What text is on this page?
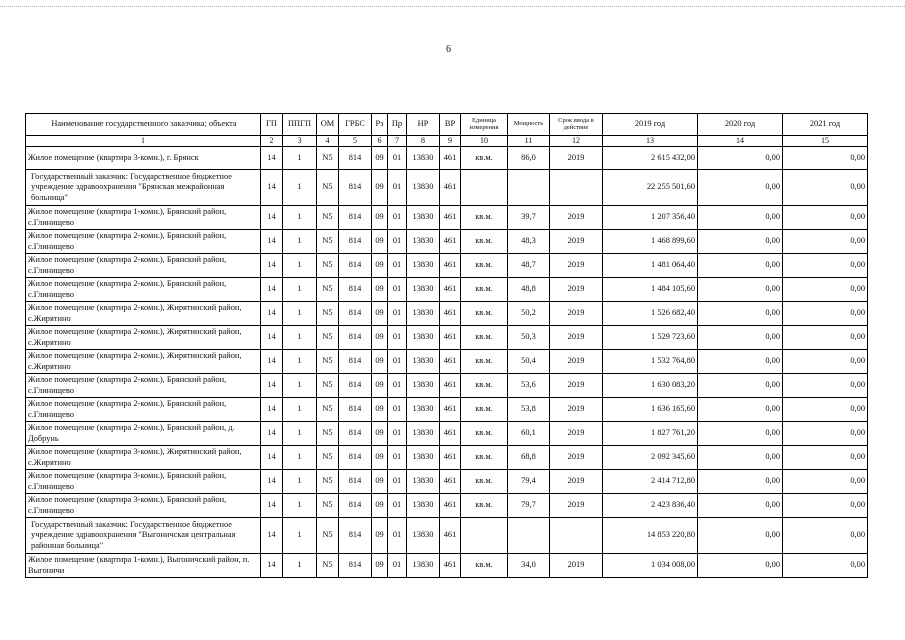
6
Наименование государственного заказчика; объекта	ГП	ППГП	ОМ	ГРБС	Рз	Пр	НР	ВР	Единица измерения	Мощность	Срок ввода в действие	2019 год	2020 год	2021 год
1	2	3	4	5	6	7	8	9	10	11	12	13	14	15
Жилое помещение (квартира 3-комн.), г. Брянск	14	1	N5	814	09	01	13830	461	кв.м.	86,0	2019	2 615 432,00	0,00	0,00
Государственный заказчик: Государственное бюджетное учреждение здравоохранения "Брянская межрайонная больница"	14	1	N5	814	09	01	13830	461				22 255 501,60	0,00	0,00
Жилое помещение (квартира 1-комн.), Брянский район, с.Глинищево	14	1	N5	814	09	01	13830	461	кв.м.	39,7	2019	1 207 356,40	0,00	0,00
Жилое помещение (квартира 2-комн.), Брянский район, с.Глинищево	14	1	N5	814	09	01	13830	461	кв.м.	48,3	2019	1 468 899,60	0,00	0,00
Жилое помещение (квартира 2-комн.), Брянский район, с.Глинищево	14	1	N5	814	09	01	13830	461	кв.м.	48,7	2019	1 481 064,40	0,00	0,00
Жилое помещение (квартира 2-комн.), Брянский район, с.Глинищево	14	1	N5	814	09	01	13830	461	кв.м.	48,8	2019	1 484 105,60	0,00	0,00
Жилое помещение (квартира 2-комн.), Жирятинский район, с.Жирятино	14	1	N5	814	09	01	13830	461	кв.м.	50,2	2019	1 526 682,40	0,00	0,00
Жилое помещение (квартира 2-комн.), Жирятинский район, с.Жирятино	14	1	N5	814	09	01	13830	461	кв.м.	50,3	2019	1 529 723,60	0,00	0,00
Жилое помещение (квартира 2-комн.), Жирятинский район, с.Жирятино	14	1	N5	814	09	01	13830	461	кв.м.	50,4	2019	1 532 764,80	0,00	0,00
Жилое помещение (квартира 2-комн.), Брянский район, с.Глинищево	14	1	N5	814	09	01	13830	461	кв.м.	53,6	2019	1 630 083,20	0,00	0,00
Жилое помещение (квартира 2-комн.), Брянский район, с.Глинищево	14	1	N5	814	09	01	13830	461	кв.м.	53,8	2019	1 636 165,60	0,00	0,00
Жилое помещение (квартира 2-комн.), Брянский район, д. Добрунь	14	1	N5	814	09	01	13830	461	кв.м.	60,1	2019	1 827 761,20	0,00	0,00
Жилое помещение (квартира 3-комн.), Жирятинский район, с.Жирятино	14	1	N5	814	09	01	13830	461	кв.м.	68,8	2019	2 092 345,60	0,00	0,00
Жилое помещение (квартира 3-комн.), Брянский район, с.Глинищево	14	1	N5	814	09	01	13830	461	кв.м.	79,4	2019	2 414 712,80	0,00	0,00
Жилое помещение (квартира 3-комн.), Брянский район, с.Глинищево	14	1	N5	814	09	01	13830	461	кв.м.	79,7	2019	2 423 836,40	0,00	0,00
Государственный заказчик: Государственное бюджетное учреждение здравоохранения "Выгоничская центральная районная больница"	14	1	N5	814	09	01	13830	461				14 853 220,80	0,00	0,00
Жилое помещение (квартира 1-комн.), Выгоничский район, п. Выгоничи	14	1	N5	814	09	01	13830	461	кв.м.	34,0	2019	1 034 008,00	0,00	0,00
